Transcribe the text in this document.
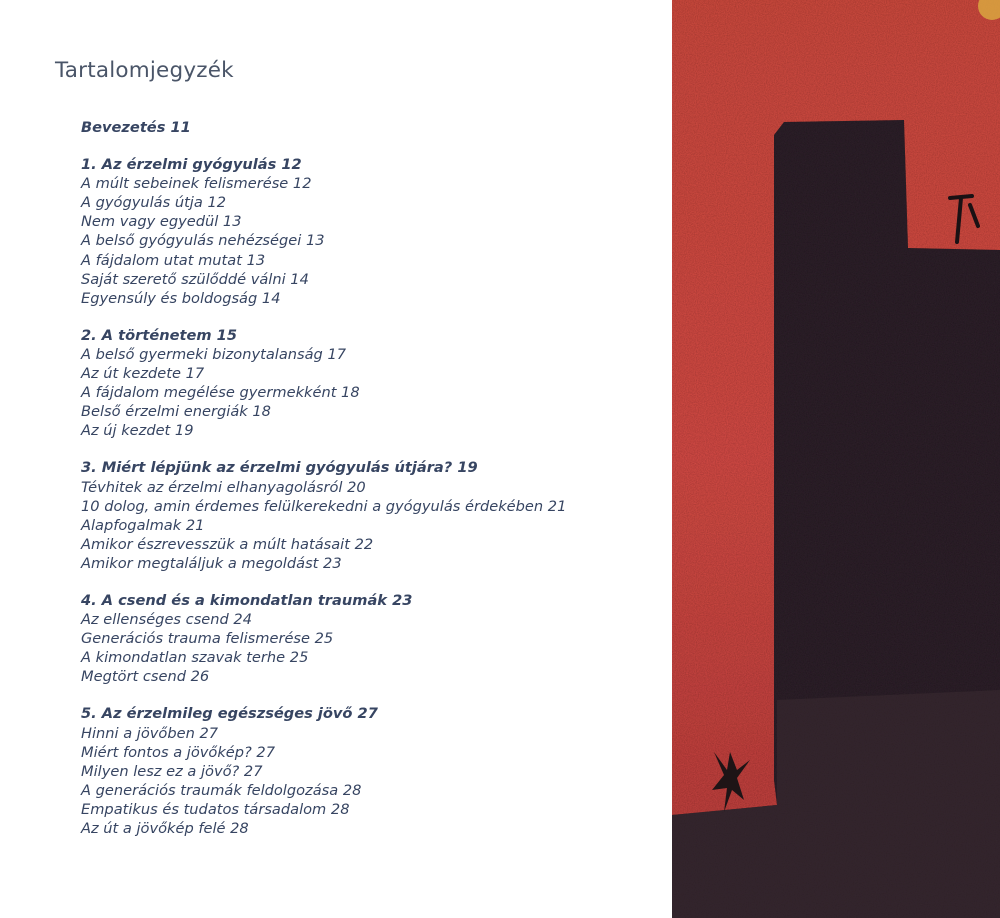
Tartalomjegyzék
Bevezetés 11
1. Az érzelmi gyógyulás 12
A múlt sebeinek felismerése 12
A gyógyulás útja 12
Nem vagy egyedül 13
A belső gyógyulás nehézségei 13
A fájdalom utat mutat 13
Saját szerető szülőddé válni 14
Egyensúly és boldogság 14
2. A történetem 15
A belső gyermeki bizonytalanság 17
Az út kezdete 17
A fájdalom megélése gyermekként 18
Belső érzelmi energiák 18
Az új kezdet 19
3. Miért lépjünk az érzelmi gyógyulás útjára? 19
Tévhitek az érzelmi elhanyagolásról 20
10 dolog, amin érdemes felülkerekedni a gyógyulás érdekében 21
Alapfogalmak 21
Amikor észrevesszük a múlt hatásait 22
Amikor megtaláljuk a megoldást 23
4. A csend és a kimondatlan traumák 23
Az ellenséges csend 24
Generációs trauma felismerése 25
A kimondatlan szavak terhe 25
Megtört csend 26
5. Az érzelmileg egészséges jövő 27
Hinni a jövőben 27
Miért fontos a jövőkép? 27
Milyen lesz ez a jövő? 27
A generációs traumák feldolgozása 28
Empatikus és tudatos társadalom 28
Az út a jövőkép felé 28
